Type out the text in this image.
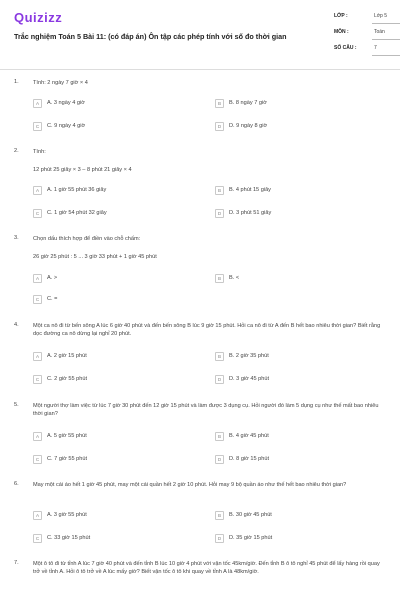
Quizizz
Trắc nghiệm Toán 5 Bài 11: (có đáp án) Ôn tập các phép tính với số đo thời gian
LỚP :	Lớp 5
MÔN :	Toán
SỐ CÂU :	7
1.	Tính: 2 ngày 7 giờ × 4
A	A. 3 ngày 4 giờ	B	B. 8 ngày 7 giờ
C	C. 9 ngày 4 giờ	D	D. 9 ngày 8 giờ
2.	Tính:
12 phút 25 giây × 3 – 8 phút 21 giây × 4
A	A. 1 giờ 55 phút 36 giây	B	B. 4 phút 15 giây
C	C. 1 giờ 54 phút 32 giây	D	D. 3 phút 51 giây
3.	Chọn dấu thích hợp để điền vào chỗ chấm:
26 giờ 25 phút : 5 ... 3 giờ 33 phút + 1 giờ 45 phút
A	A. >	B	B. <
C	C. =
4.	Một ca nô đi từ bến sông A lúc 6 giờ 40 phút và đến bến sông B lúc 9 giờ 15 phút. Hỏi ca nô đi từ A đến B hết bao nhiêu thời gian? Biết rằng dọc đường ca nô dừng lại nghỉ 20 phút.
A	A. 2 giờ 15 phút	B	B. 2 giờ 35 phút
C	C. 2 giờ 55 phút	D	D. 3 giờ 45 phút
5.	Một người thợ làm việc từ lúc 7 giờ 30 phút đến 12 giờ 15 phút và làm được 3 dụng cụ. Hỏi người đó làm 5 dụng cụ như thế mất bao nhiêu thời gian?
A	A. 5 giờ 55 phút	B	B. 4 giờ 45 phút
C	C. 7 giờ 55 phút	D	D. 8 giờ 15 phút
6.	May một cái áo hết 1 giờ 45 phút, may một cái quần hết 2 giờ 10 phút. Hỏi may 9 bộ quần áo như thế hết bao nhiêu thời gian?
A	A. 3 giờ 55 phút	B	B. 30 giờ 45 phút
C	C. 33 giờ 15 phút	D	D. 35 giờ 15 phút
7.	Một ô tô đi từ tỉnh A lúc 7 giờ 40 phút và đến tỉnh B lúc 10 giờ 4 phút với vận tốc 45km/giờ. Đến tỉnh B ô tô nghỉ 45 phút để lấy hàng rồi quay trở về tỉnh A. Hỏi ô tô trở về A lúc mấy giờ? Biết vận tốc ô tô khi quay về tỉnh A là 48km/giờ.
